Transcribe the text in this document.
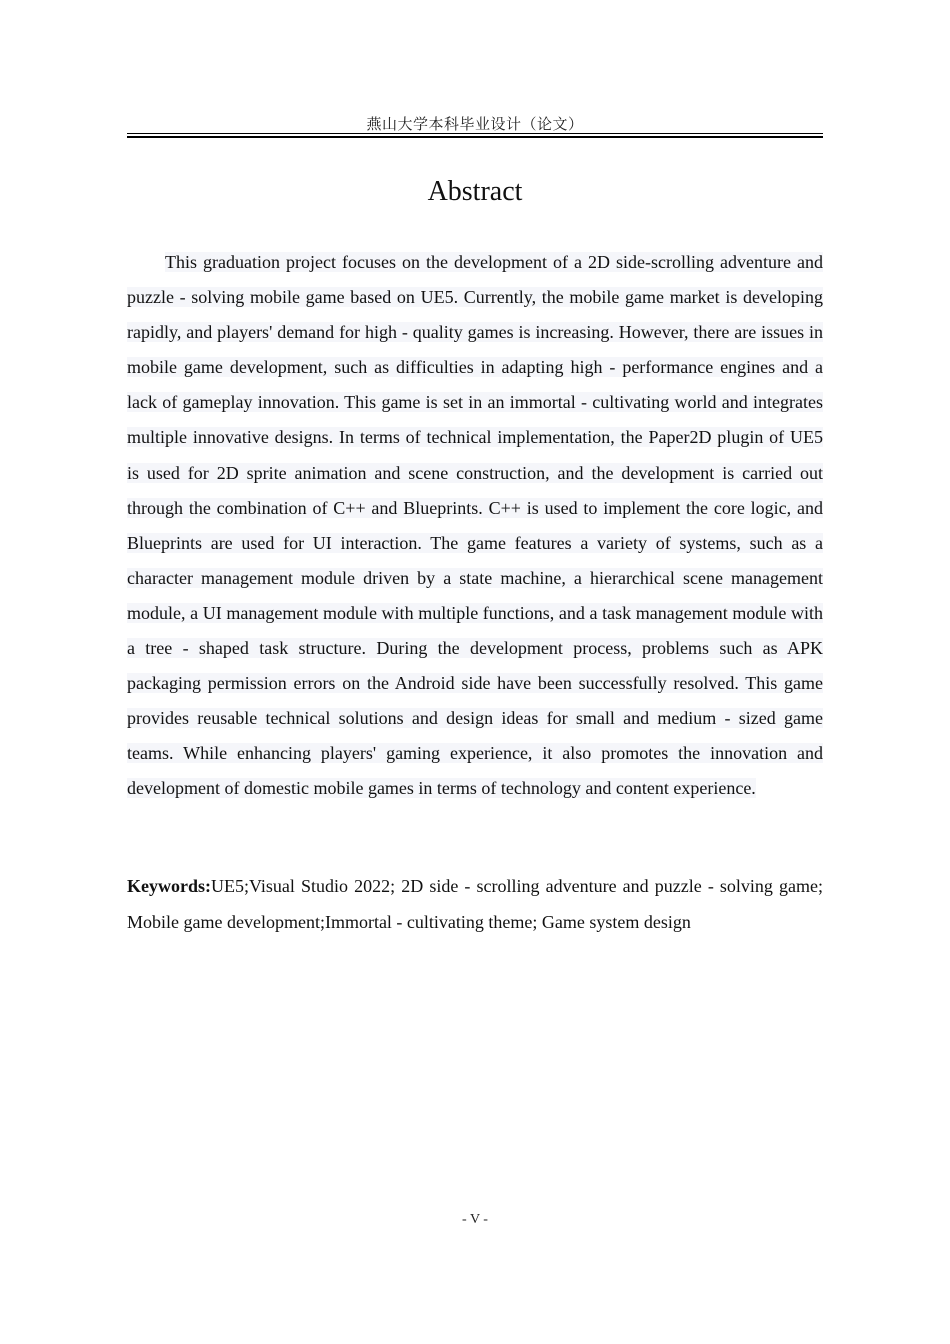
燕山大学本科毕业设计（论文）
Abstract

This graduation project focuses on the development of a 2D side-scrolling adventure and puzzle - solving mobile game based on UE5. Currently, the mobile game market is developing rapidly, and players' demand for high - quality games is increasing. However, there are issues in mobile game development, such as difficulties in adapting high - performance engines and a lack of gameplay innovation. This game is set in an immortal - cultivating world and integrates multiple innovative designs. In terms of technical implementation, the Paper2D plugin of UE5 is used for 2D sprite animation and scene construction, and the development is carried out through the combination of C++ and Blueprints. C++ is used to implement the core logic, and Blueprints are used for UI interaction. The game features a variety of systems, such as a character management module driven by a state machine, a hierarchical scene management module, a UI management module with multiple functions, and a task management module with a tree - shaped task structure. During the development process, problems such as APK packaging permission errors on the Android side have been successfully resolved. This game provides reusable technical solutions and design ideas for small and medium - sized game teams. While enhancing players' gaming experience, it also promotes the innovation and development of domestic mobile games in terms of technology and content experience.

Keywords:UE5;Visual Studio 2022; 2D side - scrolling adventure and puzzle - solving game; Mobile game development;Immortal - cultivating theme; Game system design

- V -
